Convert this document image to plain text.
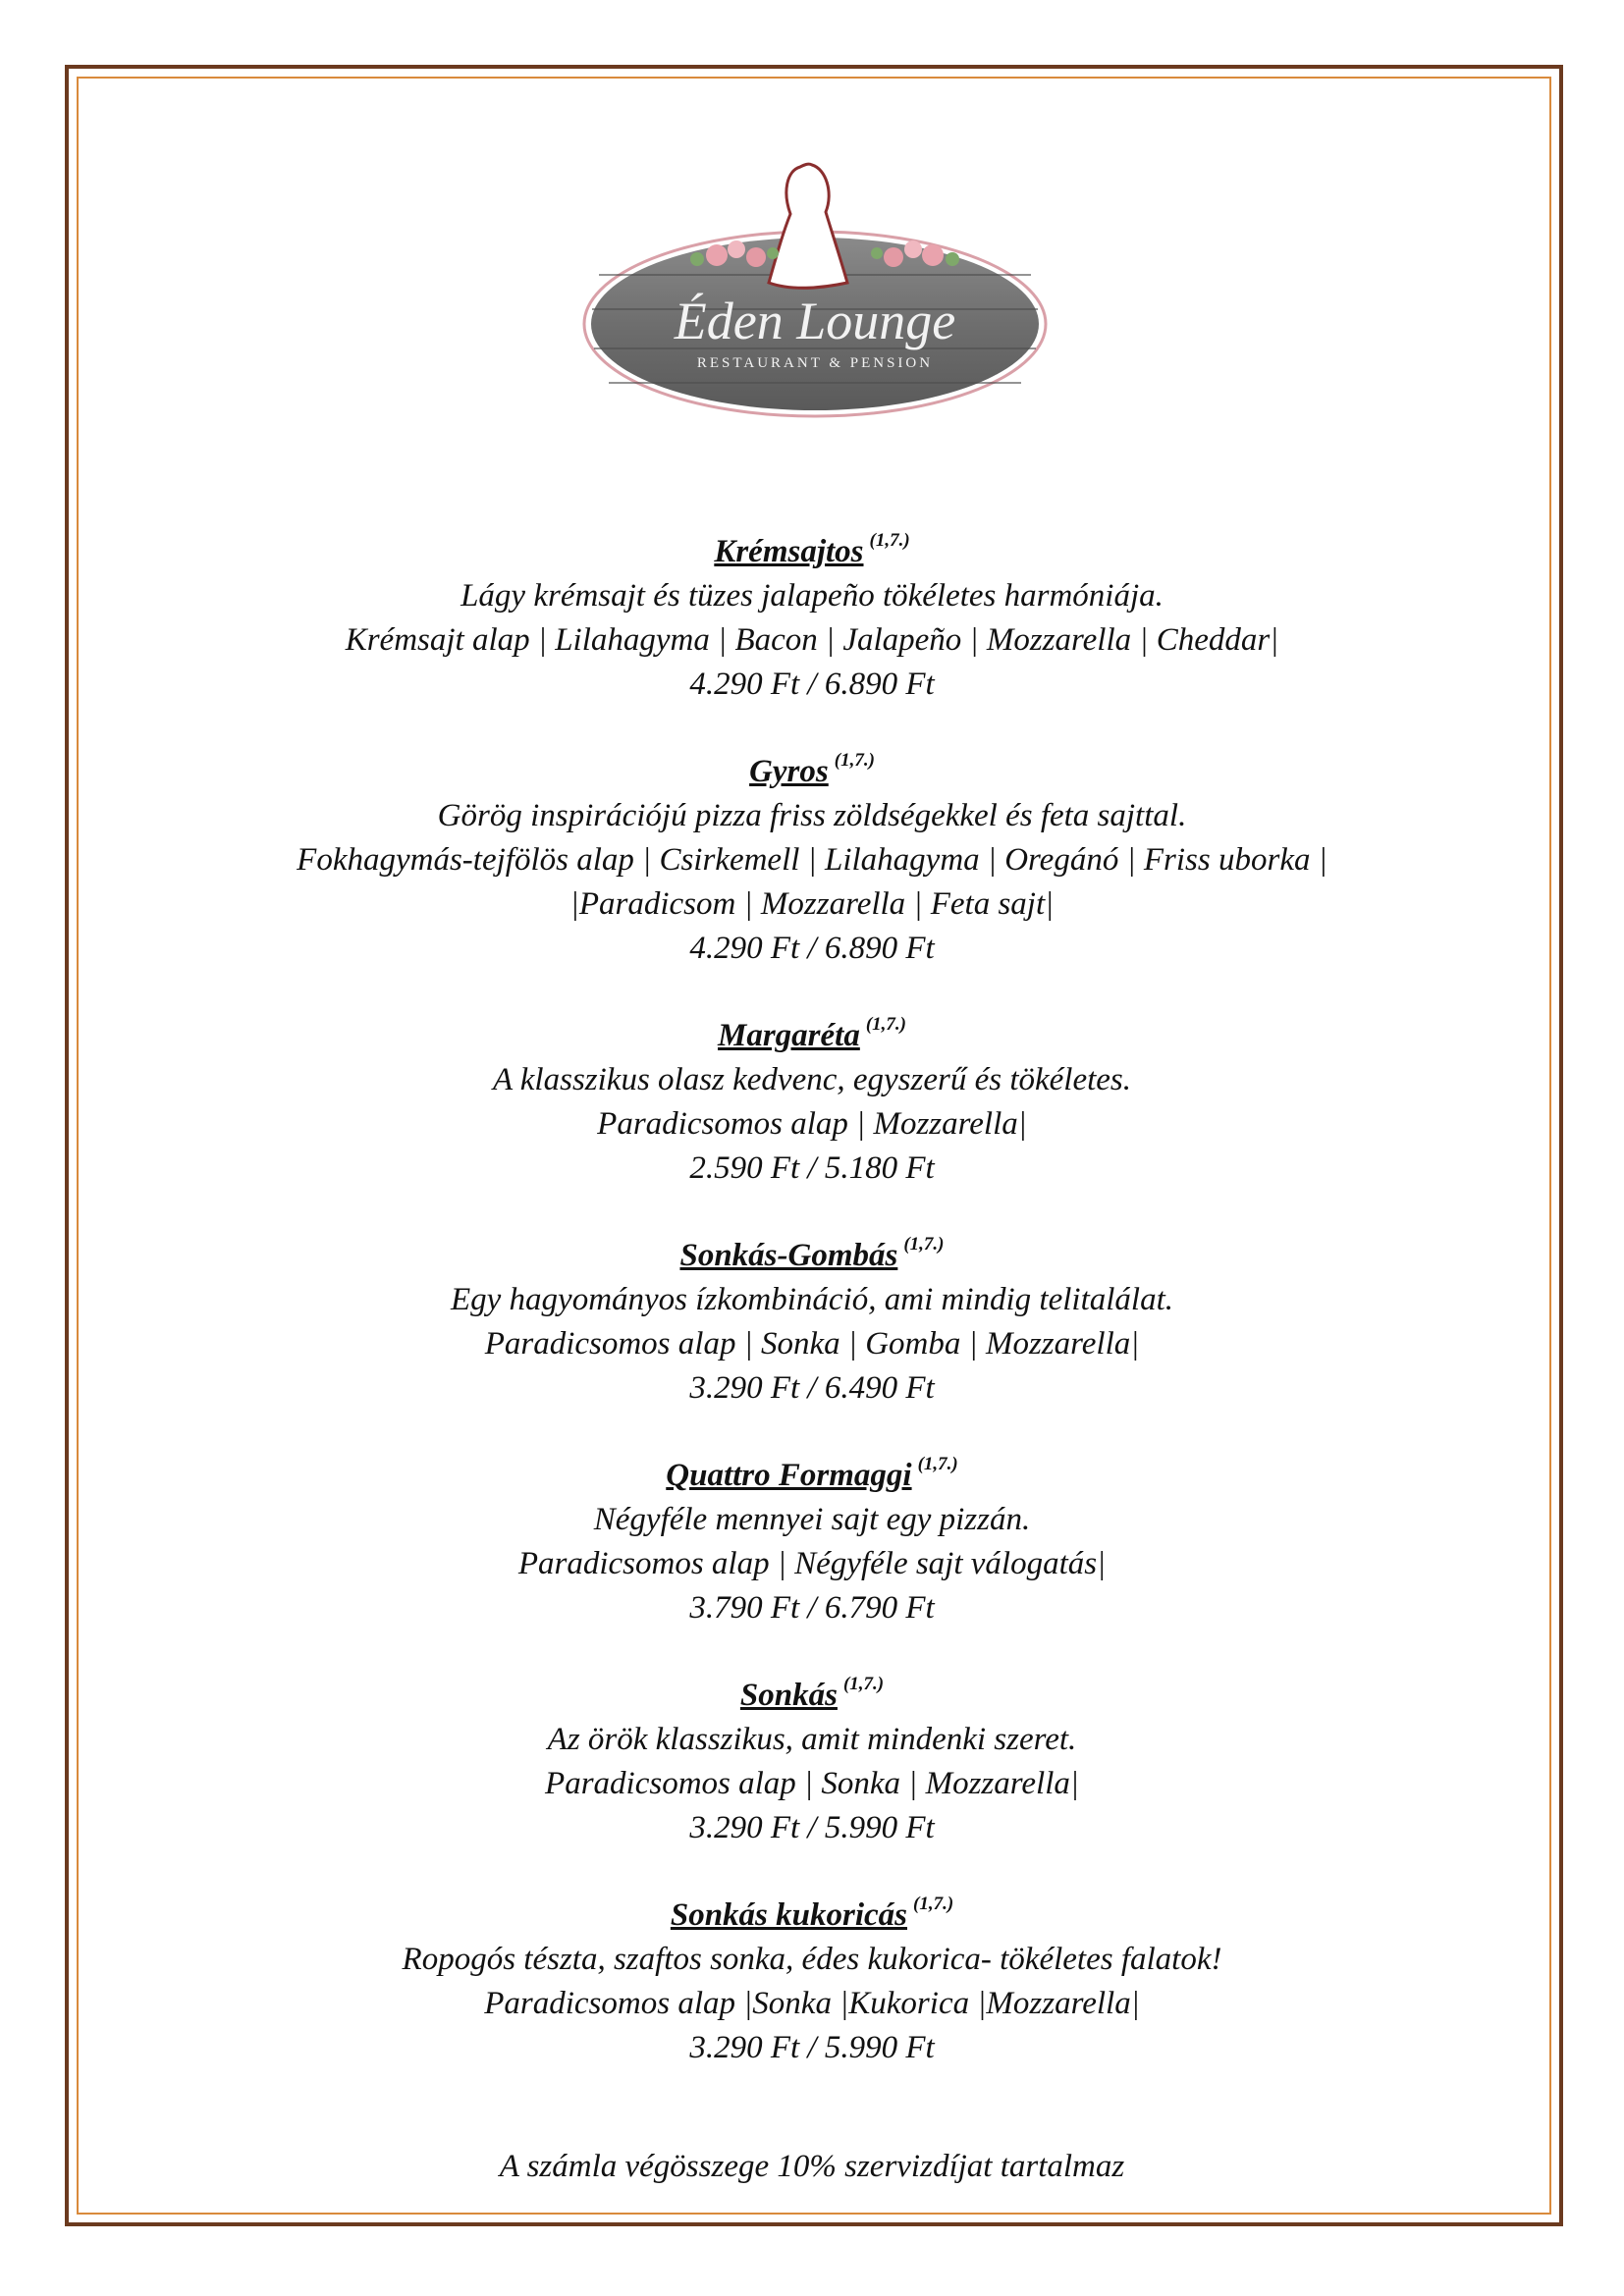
Éden Lounge
RESTAURANT & PENSION
Krémsajtos $^{(1,7.)}$
Lágy krémsajt és tüzes jalapeño tökéletes harmóniája.
Krémsajt alap | Lilahagyma | Bacon | Jalapeño | Mozzarella | Cheddar|
4.290 Ft / 6.890 Ft
Gyros $^{(1,7.)}$
Görög inspirációjú pizza friss zöldségekkel és feta sajttal.
Fokhagymás-tejfölös alap | Csirkemell | Lilahagyma | Oregánó | Friss uborka |
|Paradicsom | Mozzarella | Feta sajt|
4.290 Ft / 6.890 Ft
Margaréta $^{(1,7.)}$
A klasszikus olasz kedvenc, egyszerű és tökéletes.
Paradicsomos alap | Mozzarella|
2.590 Ft / 5.180 Ft
Sonkás-Gombás $^{(1,7.)}$
Egy hagyományos ízkombináció, ami mindig telitalálat.
Paradicsomos alap | Sonka | Gomba | Mozzarella|
3.290 Ft / 6.490 Ft
Quattro Formaggi $^{(1,7.)}$
Négyféle mennyei sajt egy pizzán.
Paradicsomos alap | Négyféle sajt válogatás|
3.790 Ft / 6.790 Ft
Sonkás $^{(1,7.)}$
Az örök klasszikus, amit mindenki szeret.
Paradicsomos alap | Sonka | Mozzarella|
3.290 Ft / 5.990 Ft
Sonkás kukoricás $^{(1,7.)}$
Ropogós tészta, szaftos sonka, édes kukorica- tökéletes falatok!
Paradicsomos alap |Sonka |Kukorica |Mozzarella|
3.290 Ft / 5.990 Ft
A számla végösszege 10% szervizdíjat tartalmaz
